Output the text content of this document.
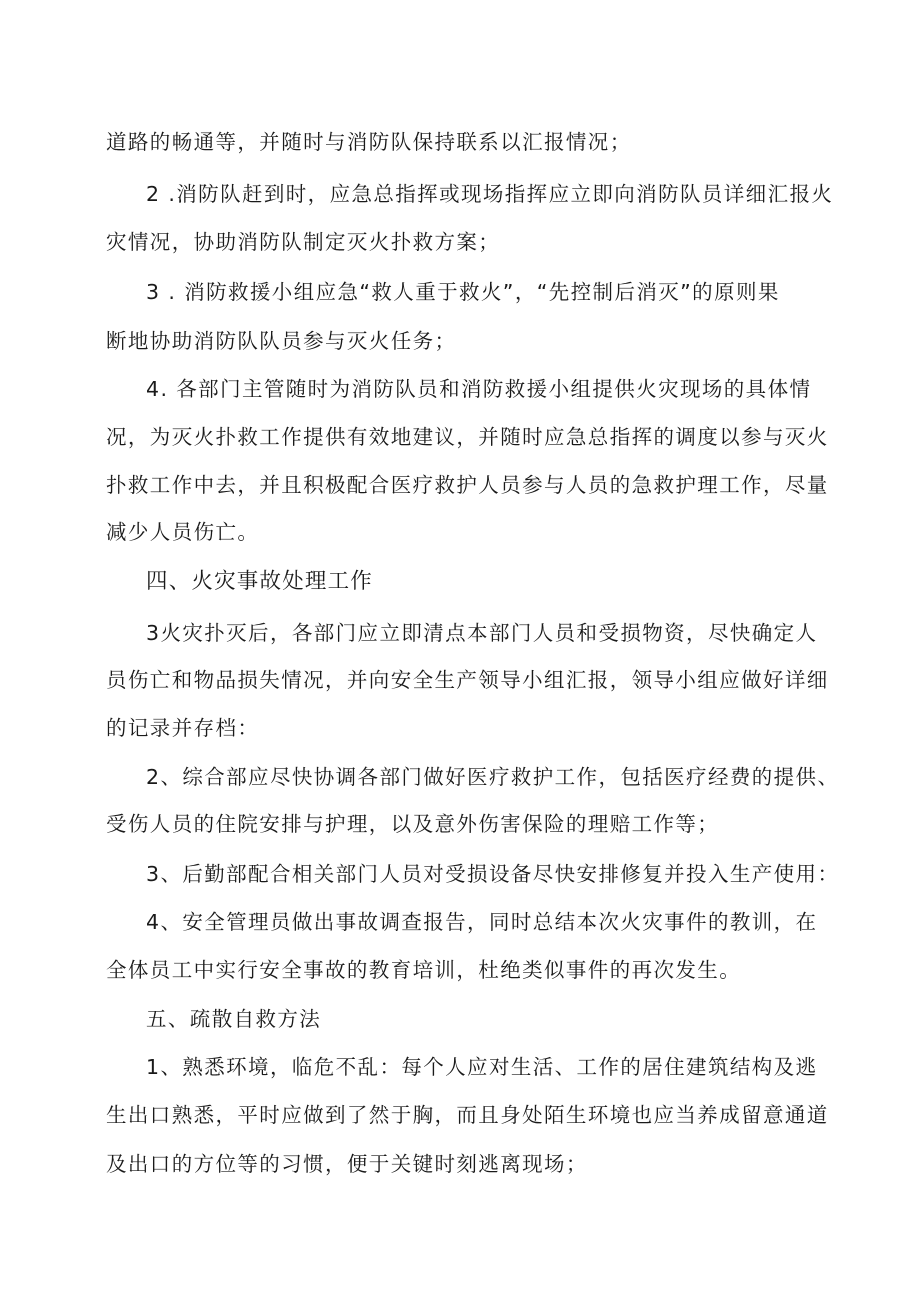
道路的畅通等，并随时与消防队保持联系以汇报情况；

2 .消防队赶到时，应急总指挥或现场指挥应立即向消防队员详细汇报火

灾情况，协助消防队制定灭火扑救方案；

3 . 消防救援小组应急“救人重于救火”，“先控制后消灭”的原则果

断地协助消防队队员参与灭火任务；

4. 各部门主管随时为消防队员和消防救援小组提供火灾现场的具体情

况，为灭火扑救工作提供有效地建议，并随时应急总指挥的调度以参与灭火

扑救工作中去，并且积极配合医疗救护人员参与人员的急救护理工作，尽量

减少人员伤亡。

四、火灾事故处理工作

3火灾扑灭后，各部门应立即清点本部门人员和受损物资，尽快确定人

员伤亡和物品损失情况，并向安全生产领导小组汇报，领导小组应做好详细

的记录并存档：

2、综合部应尽快协调各部门做好医疗救护工作，包括医疗经费的提供、

受伤人员的住院安排与护理，以及意外伤害保险的理赔工作等；

3、后勤部配合相关部门人员对受损设备尽快安排修复并投入生产使用：

4、安全管理员做出事故调查报告，同时总结本次火灾事件的教训，在

全体员工中实行安全事故的教育培训，杜绝类似事件的再次发生。

五、疏散自救方法

1、熟悉环境，临危不乱：每个人应对生活、工作的居住建筑结构及逃

生出口熟悉，平时应做到了然于胸，而且身处陌生环境也应当养成留意通道

及出口的方位等的习惯，便于关键时刻逃离现场；
